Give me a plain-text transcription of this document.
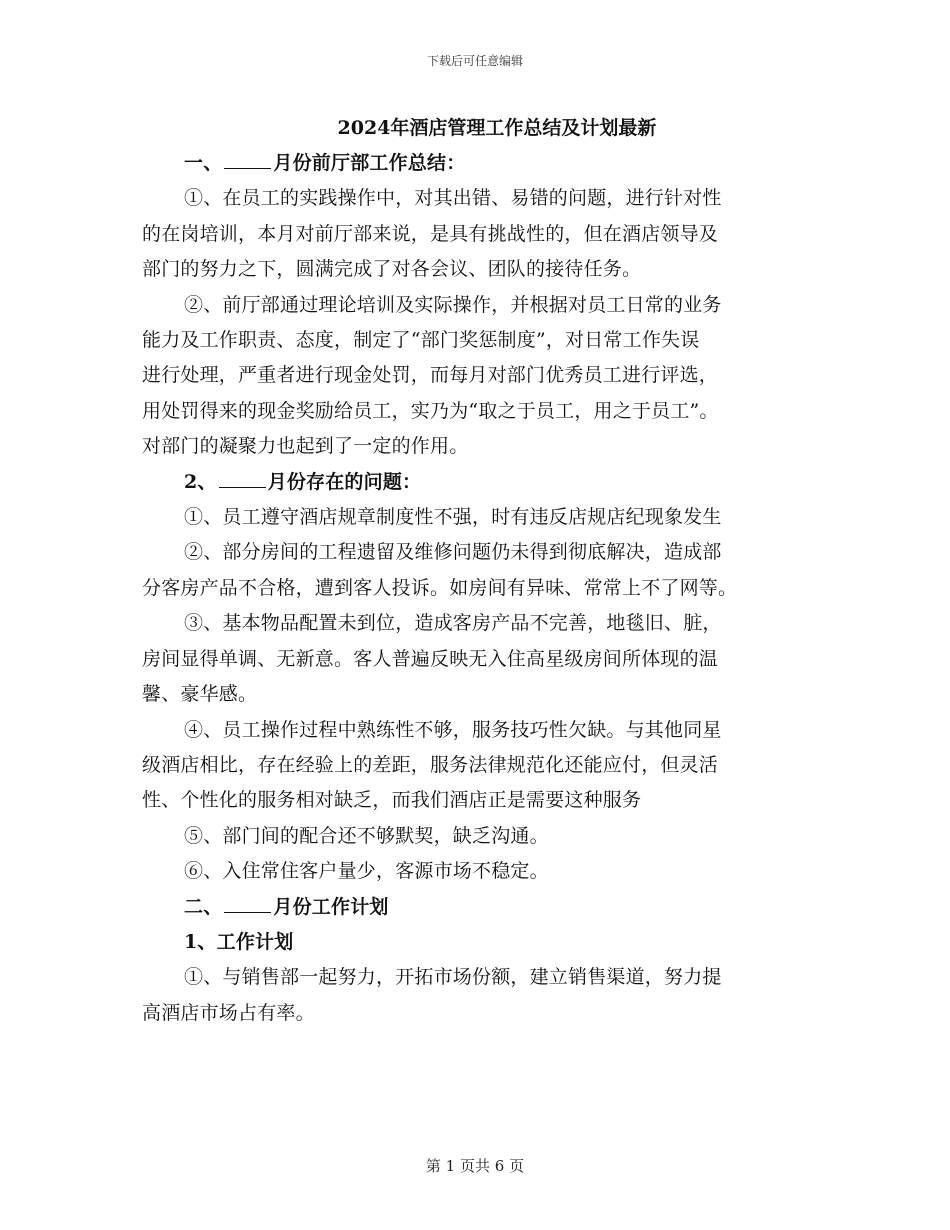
下载后可任意编辑
2024年酒店管理工作总结及计划最新

一、	月份前厅部工作总结：

①、在员工的实践操作中，对其出错、易错的问题，进行针对性

的在岗培训，本月对前厅部来说，是具有挑战性的，但在酒店领导及

部门的努力之下，圆满完成了对各会议、团队的接待任务。

②、前厅部通过理论培训及实际操作，并根据对员工日常的业务

能力及工作职责、态度，制定了“部门奖惩制度”，对日常工作失误

进行处理，严重者进行现金处罚，而每月对部门优秀员工进行评选，

用处罚得来的现金奖励给员工，实乃为“取之于员工，用之于员工”。

对部门的凝聚力也起到了一定的作用。

2、	月份存在的问题：

①、员工遵守酒店规章制度性不强，时有违反店规店纪现象发生

②、部分房间的工程遗留及维修问题仍未得到彻底解决，造成部

分客房产品不合格，遭到客人投诉。如房间有异味、常常上不了网等。

③、基本物品配置未到位，造成客房产品不完善，地毯旧、脏，

房间显得单调、无新意。客人普遍反映无入住高星级房间所体现的温

馨、豪华感。

④、员工操作过程中熟练性不够，服务技巧性欠缺。与其他同星

级酒店相比，存在经验上的差距，服务法律规范化还能应付，但灵活

性、个性化的服务相对缺乏，而我们酒店正是需要这种服务

⑤、部门间的配合还不够默契，缺乏沟通。

⑥、入住常住客户量少，客源市场不稳定。

二、	月份工作计划

1、工作计划

①、与销售部一起努力，开拓市场份额，建立销售渠道，努力提

高酒店市场占有率。

第 1 页共 6 页
